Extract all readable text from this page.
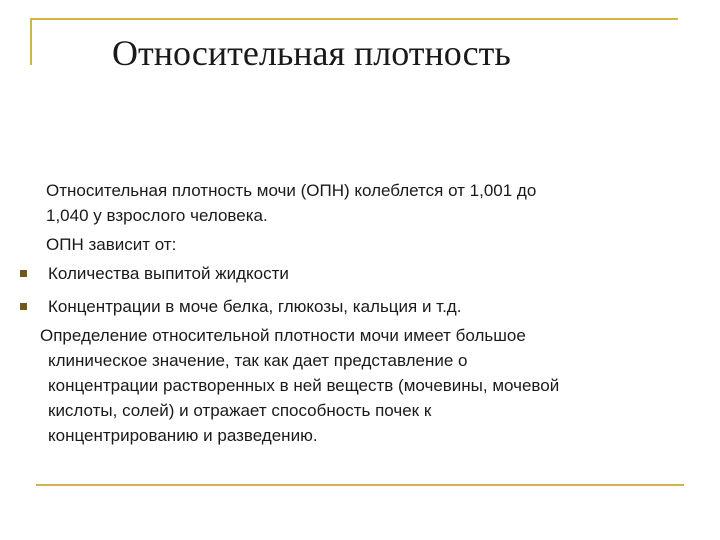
Относительная плотность
Относительная плотность мочи (ОПН) колеблется от 1,001 до
1,040 у взрослого человека.
ОПН зависит от:
Количества выпитой жидкости
Концентрации в моче белка, глюкозы, кальция и т.д.
Определение относительной плотности мочи имеет большое
клиническое значение, так как дает представление о
концентрации растворенных в ней веществ (мочевины, мочевой
кислоты, солей) и отражает способность почек к
концентрированию и разведению.
